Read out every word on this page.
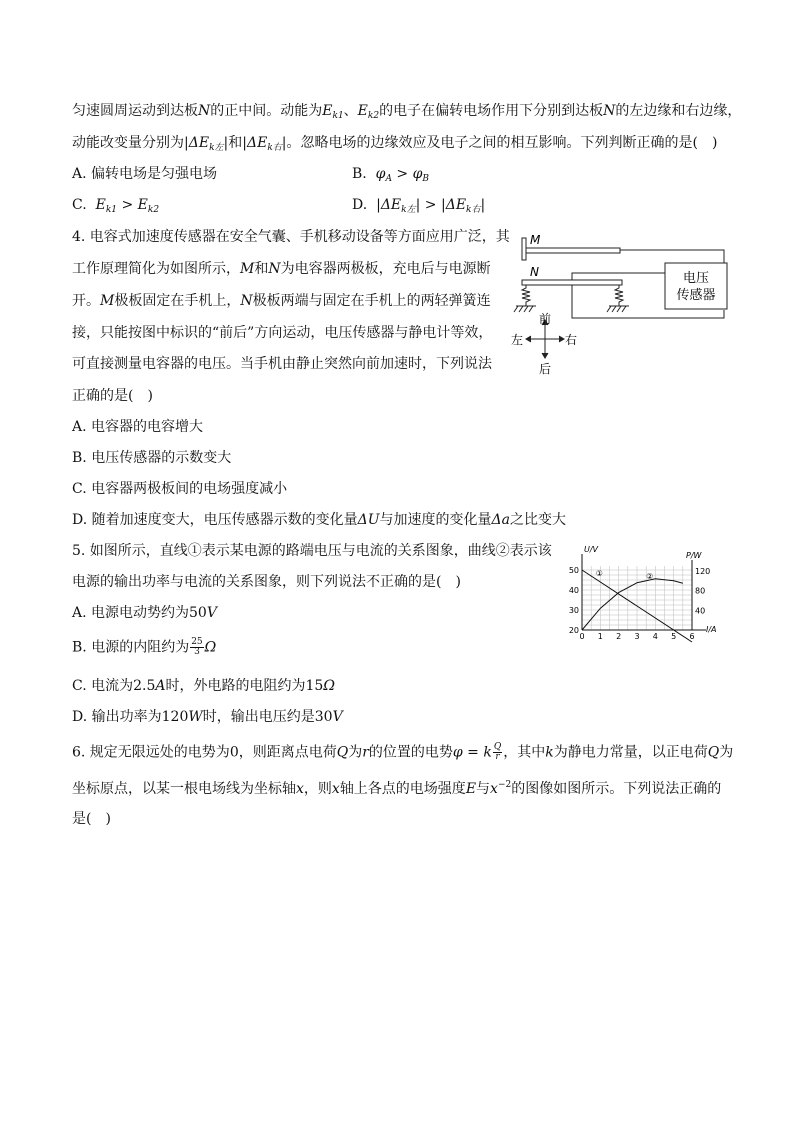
匀速圆周运动到达板N的正中间。动能为$E_{k1}$、$E_{k2}$的电子在偏转电场作用下分别到达板N的左边缘和右边缘，
动能改变量分别为$|\Delta E_{k左}|$和$|\Delta E_{k右}|$。忽略电场的边缘效应及电子之间的相互影响。下列判断正确的是(　)
A. 偏转电场是匀强电场	B. $\varphi_A > \varphi_B$
C. $E_{k1} > E_{k2}$	D.  $|\Delta E_{k左}| > |\Delta E_{k右}|$
4. 电容式加速度传感器在安全气囊、手机移动设备等方面应用广泛，其
工作原理简化为如图所示，M和N为电容器两极板，充电后与电源断
开。M极板固定在手机上，N极板两端与固定在手机上的两轻弹簧连
接，只能按图中标识的“前后”方向运动，电压传感器与静电计等效，
可直接测量电容器的电压。当手机由静止突然向前加速时，下列说法
正确的是(　)
A. 电容器的电容增大
B. 电压传感器的示数变大
C. 电容器两极板间的电场强度减小
D. 随着加速度变大，电压传感器示数的变化量ΔU与加速度的变化量Δa之比变大
M
N	电压
传感器
前
后
左	右
5. 如图所示，直线①表示某电源的路端电压与电流的关系图象，曲线②表示该
电源的输出功率与电流的关系图象，则下列说法不正确的是(　)
A. 电源电动势约为50V
B. 电源的内阻约为 $\frac{25}{3}$ Ω
C. 电流为2.5A时，外电路的电阻约为15Ω
D. 输出功率为120W时，输出电压约是30V
0 1 2 3 4 5 6
20
30
40
50
40
80
120
U/V
P/W
I/A
①	②
6. 规定无限远处的电势为0，则距离点电荷Q为r的位置的电势φ = k $\frac{Q}{r}$ ，其中k为静电力常量，以正电荷Q为
坐标原点，以某一根电场线为坐标轴x，则x轴上各点的电场强度E与$x^{-2}$的图像如图所示。下列说法正确的
是(　)
